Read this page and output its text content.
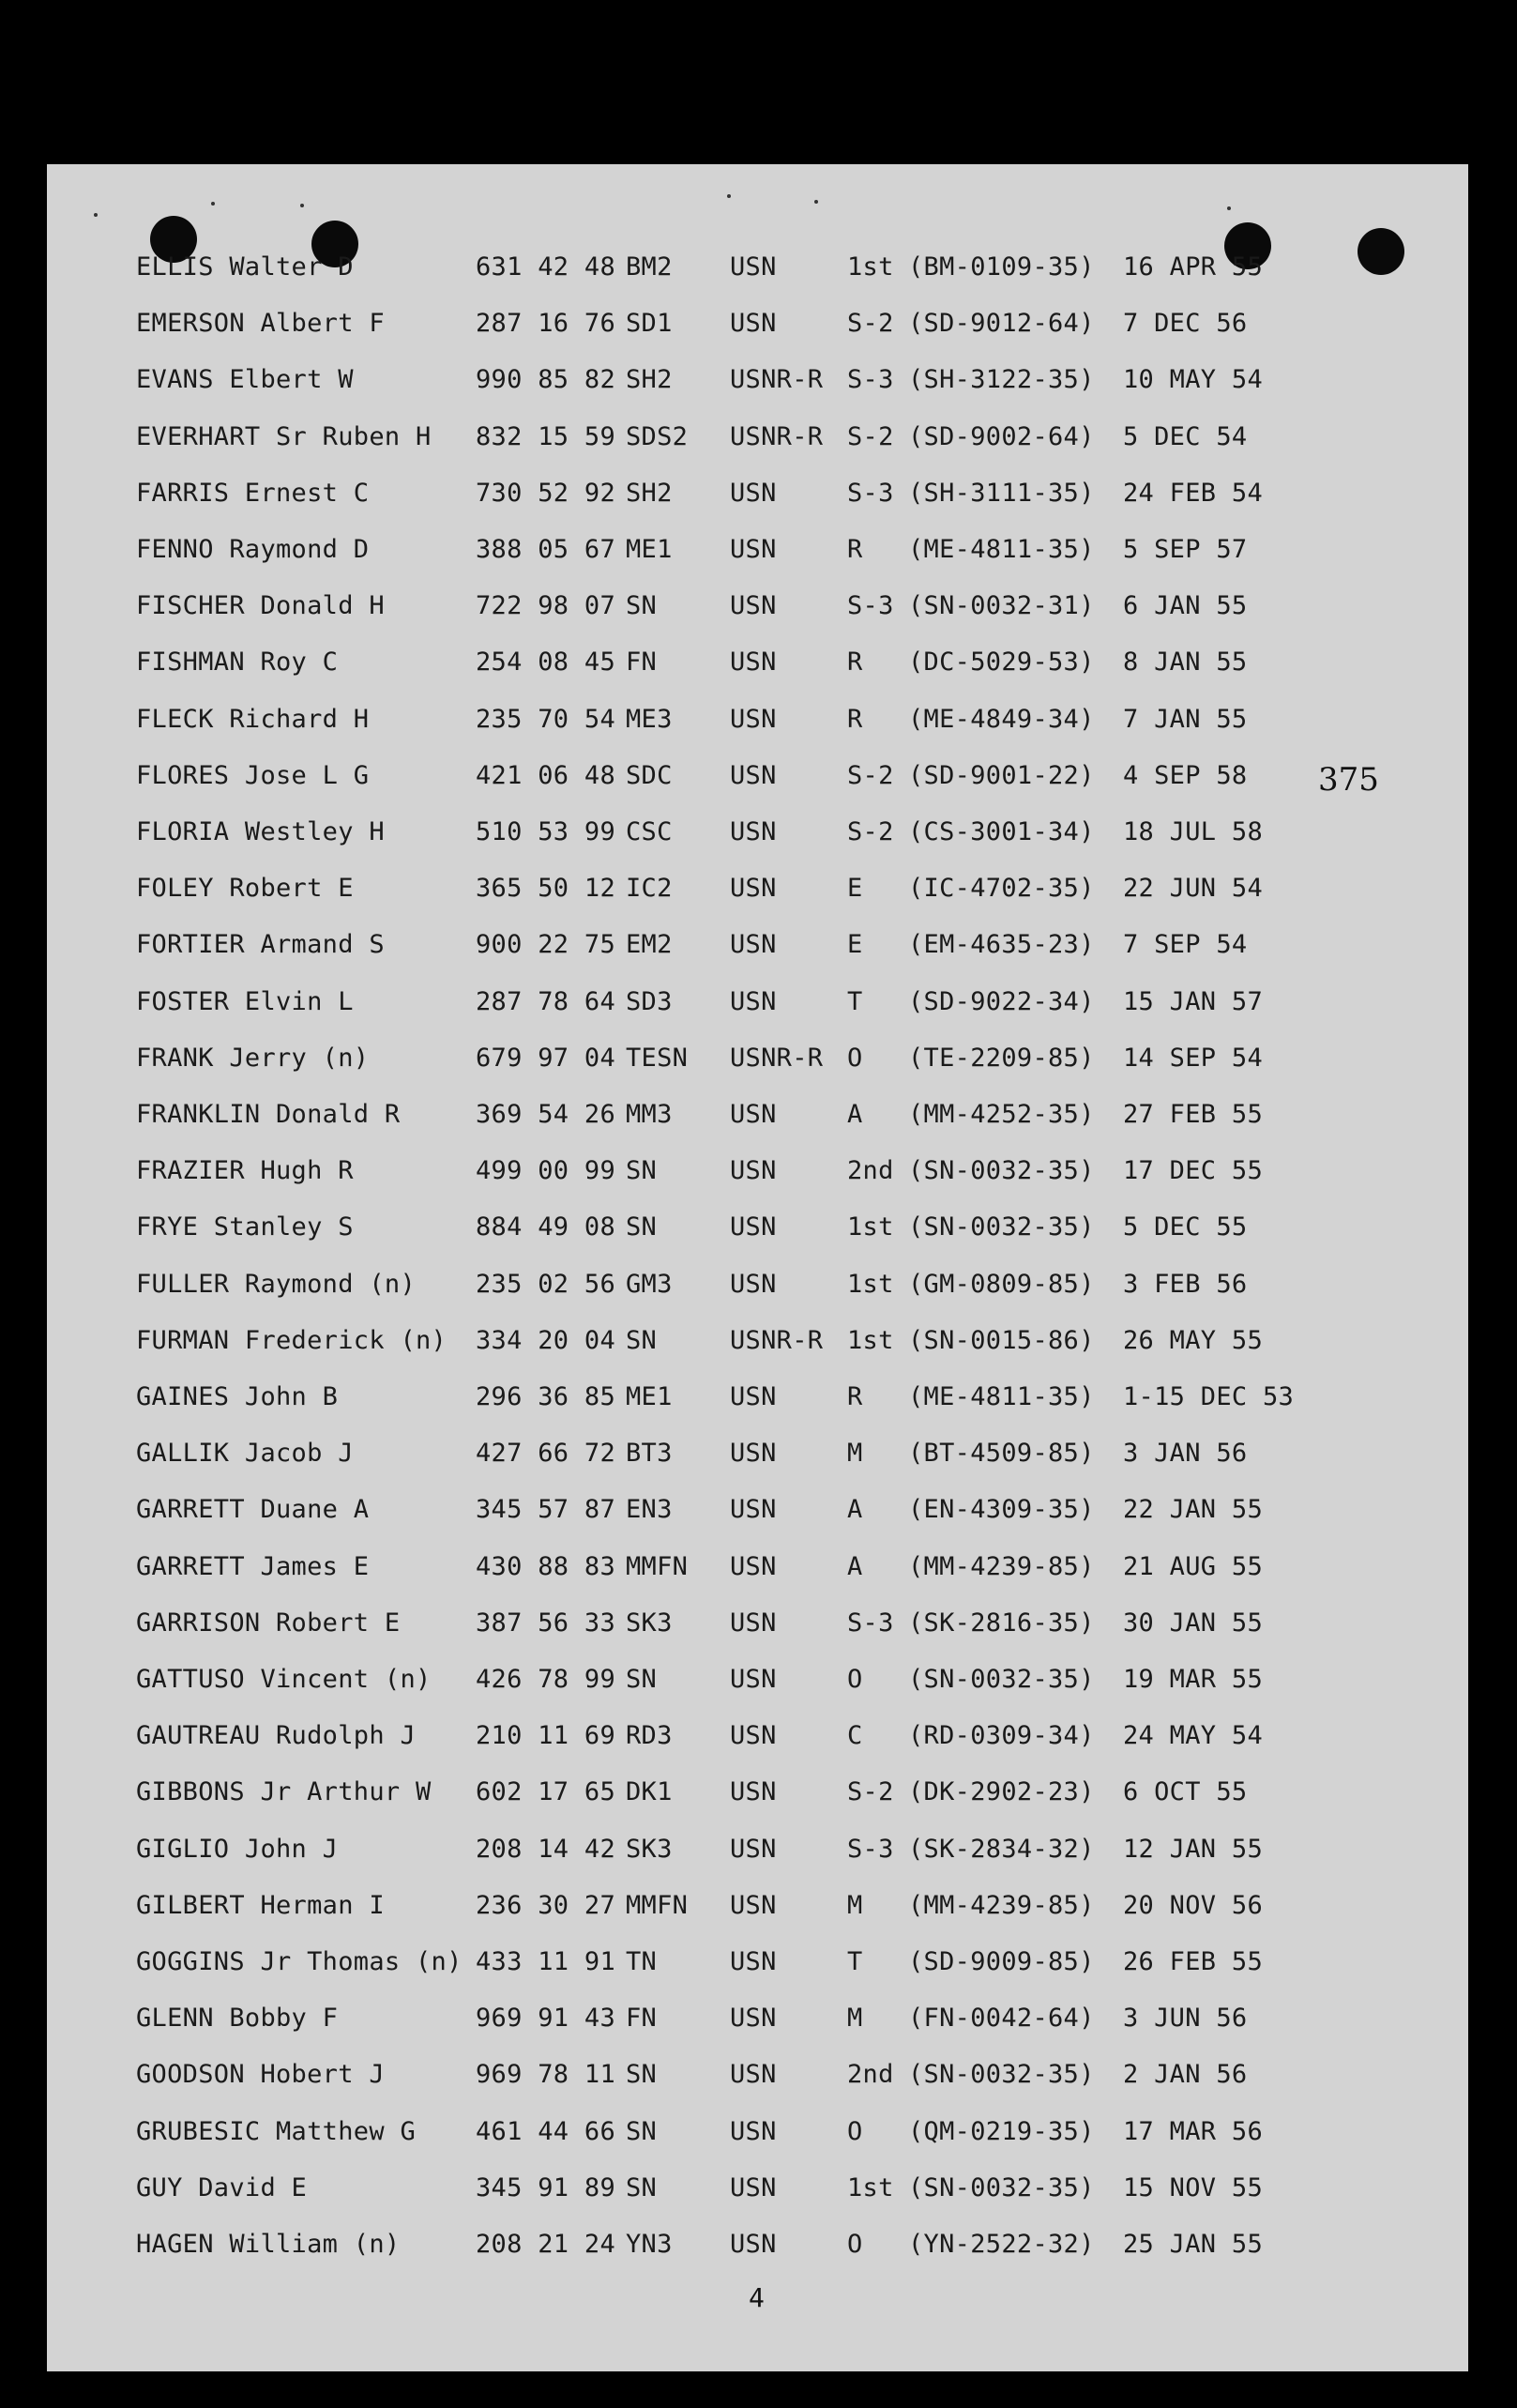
ELLIS Walter D	631 42 48 BM2 USN	1st (BM-0109-35) 16 APR 55
EMERSON Albert F	287 16 76 SD1 USN	S-2 (SD-9012-64) 7 DEC 56
EVANS Elbert W	990 85 82 SH2 USNR-R S-3 (SH-3122-35) 10 MAY 54
EVERHART Sr Ruben H 832 15 59 SDS2 USNR-R S-2 (SD-9002-64) 5 DEC 54
FARRIS Ernest C	730 52 92 SH2 USN	S-3 (SH-3111-35) 24 FEB 54
FENNO Raymond D	388 05 67 ME1 USN	R (ME-4811-35) 5 SEP 57
FISCHER Donald H	722 98 07 SN	USN	S-3 (SN-0032-31) 6 JAN 55
FISHMAN Roy C	254 08 45 FN	USN	R (DC-5029-53) 8 JAN 55
FLECK Richard H	235 70 54 ME3 USN	R (ME-4849-34) 7 JAN 55
FLORES Jose L G	421 06 48 SDC USN	S-2 (SD-9001-22) 4 SEP 58
FLORIA Westley H	510 53 99 CSC USN	S-2 (CS-3001-34) 18 JUL 58
FOLEY Robert E	365 50 12 IC2 USN	E (IC-4702-35) 22 JUN 54
FORTIER Armand S	900 22 75 EM2 USN	E (EM-4635-23) 7 SEP 54
FOSTER Elvin L	287 78 64 SD3 USN	T (SD-9022-34) 15 JAN 57
FRANK Jerry (n)	679 97 04 TESN USNR-R O (TE-2209-85) 14 SEP 54
FRANKLIN Donald R	369 54 26 MM3 USN	A (MM-4252-35) 27 FEB 55
FRAZIER Hugh R	499 00 99 SN	USN	2nd (SN-0032-35) 17 DEC 55
FRYE Stanley S	884 49 08 SN	USN	1st (SN-0032-35) 5 DEC 55
FULLER Raymond (n) 235 02 56 GM3 USN	1st (GM-0809-85) 3 FEB 56
FURMAN Frederick (n) 334 20 04 SN	USNR-R 1st (SN-0015-86) 26 MAY 55
GAINES John B	296 36 85 ME1 USN	R (ME-4811-35) 1-15 DEC 53
GALLIK Jacob J	427 66 72 BT3 USN	M (BT-4509-85) 3 JAN 56
GARRETT Duane A	345 57 87 EN3 USN	A (EN-4309-35) 22 JAN 55
GARRETT James E	430 88 83 MMFN USN	A (MM-4239-85) 21 AUG 55
GARRISON Robert E	387 56 33 SK3 USN	S-3 (SK-2816-35) 30 JAN 55
GATTUSO Vincent (n) 426 78 99 SN	USN	O (SN-0032-35) 19 MAR 55
GAUTREAU Rudolph J 210 11 69 RD3 USN	C (RD-0309-34) 24 MAY 54
GIBBONS Jr Arthur W 602 17 65 DK1 USN	S-2 (DK-2902-23) 6 OCT 55
GIGLIO John J	208 14 42 SK3 USN	S-3 (SK-2834-32) 12 JAN 55
GILBERT Herman I	236 30 27 MMFN USN	M (MM-4239-85) 20 NOV 56
GOGGINS Jr Thomas (n) 433 11 91 TN	USN	T (SD-9009-85) 26 FEB 55
GLENN Bobby F	969 91 43 FN	USN	M (FN-0042-64) 3 JUN 56
GOODSON Hobert J	969 78 11 SN	USN	2nd (SN-0032-35) 2 JAN 56
GRUBESIC Matthew G 461 44 66 SN	USN	O (QM-0219-35) 17 MAR 56
GUY David E	345 91 89 SN	USN	1st (SN-0032-35) 15 NOV 55
HAGEN William (n)	208 21 24 YN3 USN	O (YN-2522-32) 25 JAN 55
375
4
